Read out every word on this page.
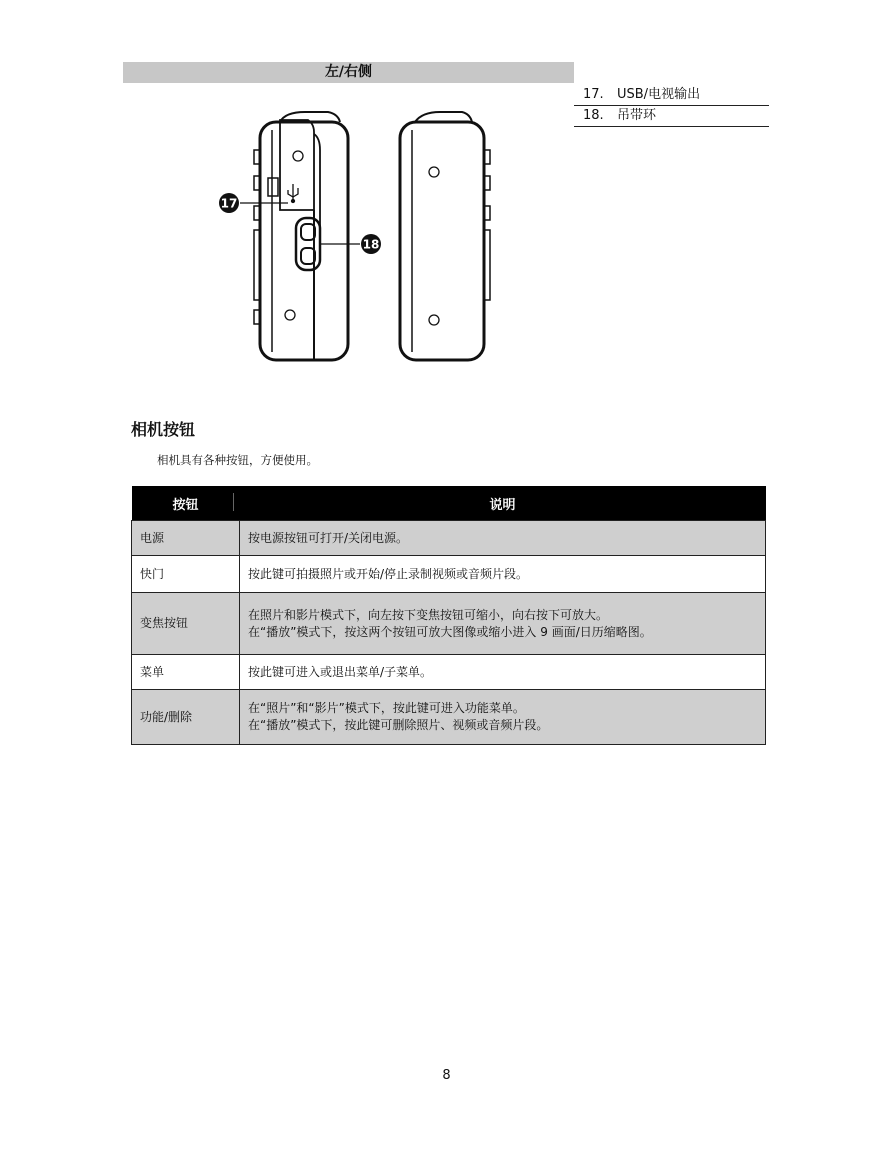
左/右侧
17. USB/电视输出
18. 吊带环
17
18
相机按钮
相机具有各种按钮，方便使用。
按钮	说明
电源	按电源按钮可打开/关闭电源。

快门	按此键可拍摄照片或开始/停止录制视频或音频片段。

变焦按钮	在照片和影片模式下，向左按下变焦按钮可缩小，向右按下可放大。
在“播放”模式下，按这两个按钮可放大图像或缩小进入 9 画面/日历缩略图。

菜单	按此键可进入或退出菜单/子菜单。

功能/删除	在“照片”和“影片”模式下，按此键可进入功能菜单。
在“播放”模式下，按此键可删除照片、视频或音频片段。
8
